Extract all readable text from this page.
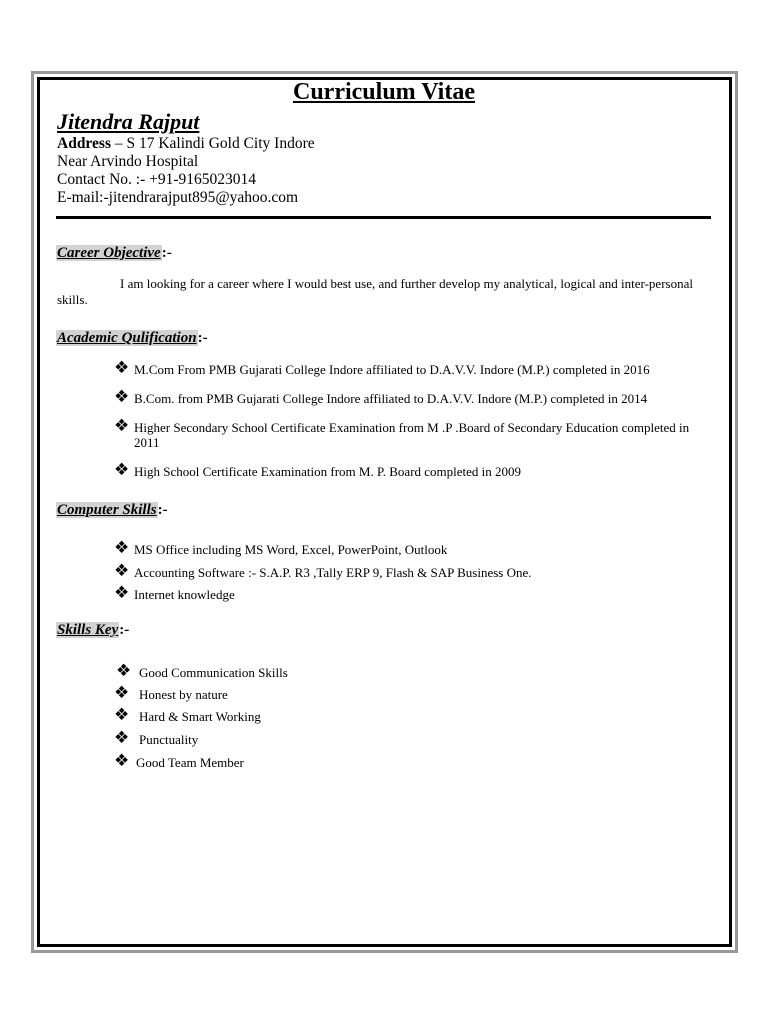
Curriculum Vitae
Jitendra Rajput
Address – S 17 Kalindi Gold City Indore
Near Arvindo Hospital
Contact No. :- +91-9165023014
E-mail:-jitendrarajput895@yahoo.com
Career Objective:-

I am looking for a career where I would best use, and further develop my analytical, logical and inter-personal skills.

Academic Qulification:-
❖ M.Com From PMB Gujarati College Indore affiliated to D.A.V.V. Indore (M.P.) completed in 2016
❖ B.Com. from PMB Gujarati College Indore affiliated to D.A.V.V. Indore (M.P.) completed in 2014
❖ Higher Secondary School Certificate Examination from M .P .Board of Secondary Education completed in 2011
❖ High School Certificate Examination from M. P. Board completed in 2009
Computer Skills:-
❖ MS Office including MS Word, Excel, PowerPoint, Outlook
❖ Accounting Software :- S.A.P. R3 ,Tally ERP 9, Flash & SAP Business One.
❖ Internet knowledge
Skills Key:-
❖ Good Communication Skills
❖ Honest by nature
❖ Hard & Smart Working
❖ Punctuality
❖ Good Team Member
